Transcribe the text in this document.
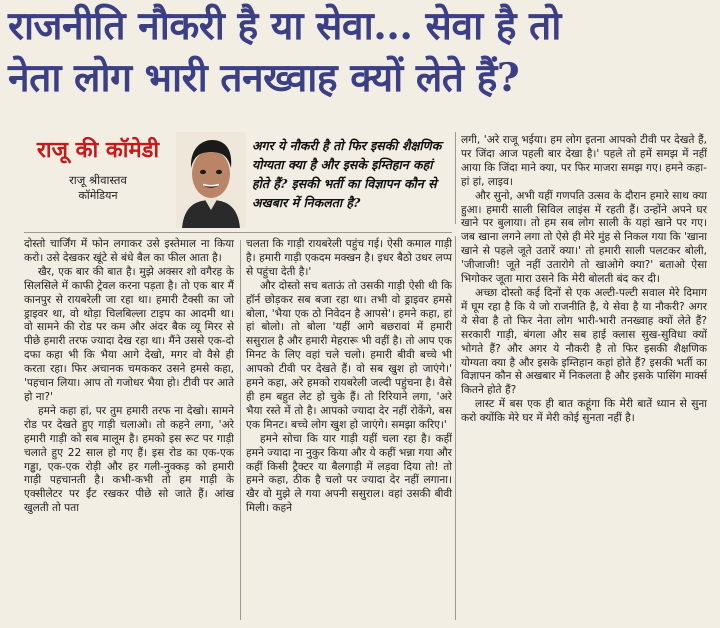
राजनीति नौकरी है या सेवा... सेवा है तो
नेता लोग भारी तनख्वाह क्यों लेते हैं?
राजू की कॉमेडी
राजू श्रीवास्तव
कॉमेडियन
अगर ये नौकरी है तो फिर इसकी शैक्षणिक योग्यता क्या है और इसके इम्तिहान कहां होते हैं? इसकी भर्ती का विज्ञापन कौन से अखबार में निकलता है?

दोस्तो चार्जिंग में फोन लगाकर उसे इस्तेमाल ना किया करो। उसे देखकर खूंटे से बंधे बैल का फील आता है।

खैर, एक बार की बात है। मुझे अक्सर शो वगैरह के सिलसिले में काफी ट्रेवल करना पड़ता है। तो एक बार मैं कानपुर से रायबरेली जा रहा था। हमारी टैक्सी का जो ड्राइवर था, वो थोड़ा चिलबिल्ला टाइप का आदमी था। वो सामने की रोड पर कम और अंदर बैक व्यू मिरर से पीछे हमारी तरफ ज्यादा देख रहा था। मैंने उससे एक-दो दफा कहा भी कि भैया आगे देखो, मगर वो वैसे ही करता रहा। फिर अचानक चमककर उसने हमसे कहा, 'पहचान लिया। आप तो गजोधर भैया हो। टीवी पर आते हो ना?'

हमने कहा हां, पर तुम हमारी तरफ ना देखो। सामने रोड पर देखते हुए गाड़ी चलाओ। तो कहने लगा, 'अरे हमारी गाड़ी को सब मालूम है। हमको इस रूट पर गाड़ी चलाते हुए 22 साल हो गए हैं। इस रोड का एक-एक गड्ढा, एक-एक रोड़ी और हर गली-नुक्कड़ को हमारी गाड़ी पहचानती है। कभी-कभी तो हम गाड़ी के एक्सीलेटर पर ईंट रखकर पीछे सो जाते हैं। आंख खुलती तो पता

चलता कि गाड़ी रायबरेली पहुंच गई। ऐसी कमाल गाड़ी है। हमारी गाड़ी एकदम मक्खन है। इधर बैठो उधर लप्प से पहुंचा देती है।'

और दोस्तो सच बताऊं तो उसकी गाड़ी ऐसी थी कि हॉर्न छोड़कर सब बजा रहा था। तभी वो ड्राइवर हमसे बोला, 'भैया एक ठो निवेदन है आपसे'। हमने कहा, हां हां बोलो। तो बोला 'यहीं आगे बछरावां में हमारी ससुराल है और हमारी मेहरारू भी वहीं है। तो आप एक मिनट के लिए वहां चले चलो। हमारी बीवी बच्चे भी आपको टीवी पर देखते हैं। वो सब खुश हो जाएंगे।' हमने कहा, अरे हमको रायबरेली जल्दी पहुंचना है। वैसे ही हम बहुत लेट हो चुके हैं। तो रिरियाने लगा, 'अरे भैया रस्ते में तो है। आपको ज्यादा देर नहीं रोकेंगे, बस एक मिनट। बच्चे लोग खुश हो जाएंगे। समझा करिए।'

हमने सोचा कि यार गाड़ी यहीं चला रहा है। कहीं हमने ज्यादा ना नुकुर किया और ये कहीं भन्ना गया और कहीं किसी ट्रैक्टर या बैलगाड़ी में लड़वा दिया तो! तो हमने कहा, ठीक है चलो पर ज्यादा देर नहीं लगाना। खैर वो मुझे ले गया अपनी ससुराल। वहां उसकी बीवी मिली। कहने

लगी, 'अरे राजू भईया। हम लोग इतना आपको टीवी पर देखते हैं, पर जिंदा आज पहली बार देखा है।' पहले तो हमें समझ में नहीं आया कि जिंदा माने क्या, पर फिर माजरा समझ गए। हमने कहा- हां हां, लाइव।

और सुनो, अभी यहीं गणपति उत्सव के दौरान हमारे साथ क्या हुआ। हमारी साली सिविल लाइंस में रहती हैं। उन्होंने अपने घर खाने पर बुलाया। तो हम सब लोग साली के यहां खाने पर गए। जब खाना लगने लगा तो ऐसे ही मेरे मुंह से निकल गया कि 'खाना खाने से पहले जूते उतारें क्या।' तो हमारी साली पलटकर बोली, 'जीजाजी! जूते नहीं उतारोगे तो खाओगे क्या?' बताओ ऐसा भिगोकर जूता मारा उसने कि मेरी बोलती बंद कर दी।

अच्छा दोस्तो कई दिनों से एक अल्टी-पल्टी सवाल मेरे दिमाग में घूम रहा है कि ये जो राजनीति है, ये सेवा है या नौकरी? अगर ये सेवा है तो फिर नेता लोग भारी-भारी तनख्वाह क्यों लेते हैं? सरकारी गाड़ी, बंगला और सब हाई क्लास सुख-सुविधा क्यों भोगते हैं? और अगर ये नौकरी है तो फिर इसकी शैक्षणिक योग्यता क्या है और इसके इम्तिहान कहां होते हैं? इसकी भर्ती का विज्ञापन कौन से अखबार में निकलता है और इसके पासिंग मार्क्स कितने होते हैं?

लास्ट में बस एक ही बात कहूंगा कि मेरी बातें ध्यान से सुना करो क्योंकि मेरे घर में मेरी कोई सुनता नहीं है।
